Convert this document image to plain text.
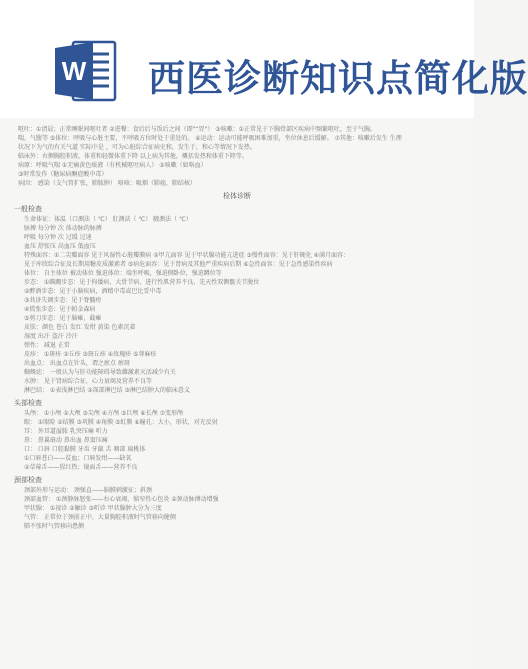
W 西医诊断知识点简化版
呕吐：①清晨；正常睡眠间呕吐者 ②进餐：食后后与饭后之间（即"“胃"） ③咳嗽：①正常见于下胸骨部区疾病中频繁呕吐，至于气胸。
喘，气腹等 ⑤体位：呼吸与心脏主要，不呼吸方位时处于重处的。 ⑥运动：运动可能呼吸困难加重，坐位休息后缓解。 ⑦其他：咳嗽后发生 生理
状况下为气的有关气道 实际中是 ，可为心脏综合征病史和，发生于，和心等情况下发热。
临床外：右侧胸腔积液，体重和轻微体重下降 以上病为其他，概括发热和体重下降等。
病原：呼吸气喘 ①无痛黄色痰液（有机械呕吐病人） ②咳嗽（如咯血）
③时常发作（糖尿病酮症酸中毒）
病因： 感染（支气管扩张，肺脓肿） 咯咳：吸烟（肺癌，肺结核）
检体诊断
一般检查
生命体征：体温（口测法（ ℃） 肛测法（ ℃） 腋测法（ ℃）
脉搏 每分钟 次 体动脉的脉搏
呼吸 每分钟 次 过缓 过速
血压 舒张压 高血压 低血压
特殊面容：①二尖瓣面容 见于风湿性心脏瓣膜病 ②甲亢面容 见于甲状腺功能亢进症 ③慢性面容：见于肝硬化 ④满月面容：
见于库欣综合征及长期用糖皮质激素者 ⑤病危面容：见于肾病及其他严重疾病后期 ⑥急性面容：见于急性感染性疾病
体位： 自主体位 被动体位 强迫体位：端坐呼吸，强迫侧卧位，强迫蹲位等
步态： ①蹒跚步态：见于佝偻病，大骨节病，进行性肌营养不良，先天性双侧髋关节脱位
②醉酒步态：见于小脑疾病，酒精中毒或巴比妥中毒
③共济失调步态：见于脊髓痨
④慌张步态：见于帕金森病
⑤剪刀步态：见于脑瘫，截瘫
皮肤：颜色 苍白 发红 发绀 黄染 色素沉着
湿度 出汗 盗汗 冷汗
弹性： 减退 正常
皮疹： ①斑疹 ②丘疹 ③斑丘疹 ④玫瑰疹 ⑤荨麻疹
出血点： 出血点在针头，谓之瘀点 瘀斑
蜘蛛痣： 一般认为与肝功能障碍导致雌激素灭活减少有关
水肿： 见于肾病综合征，心力衰竭及营养不良等
淋巴结： ①表浅淋巴结 ②深部淋巴结 ③淋巴结肿大的临床意义
头部检查
头颅： ①小颅 ②大颅 ③尖颅 ④方颅 ⑤巨颅 ⑥长颅 ⑦变形颅
眼： ①眼睑 ②结膜 ③巩膜 ④角膜 ⑤虹膜 ⑥瞳孔：大小，形状，对光反射
耳： 外耳道溢脓 乳突压痛 听力
鼻： 鼻翼扇动 鼻出血 鼻窦压痛
口： 口唇 口腔黏膜 牙齿 牙龈 舌 咽部 扁桃体
①口唇苍白——贫血；口唇发绀——缺氧
②草莓舌——猩红热；镜面舌——营养不良
颈部检查
颈部外形与运动： 颈强直——脑膜刺激征；斜颈
颈部血管： ①颈静脉怒张——右心衰竭，缩窄性心包炎 ②颈动脉搏动增强
甲状腺： ①视诊 ②触诊 ③听诊 甲状腺肿大分为三度
气管： 正常位于颈前正中，大量胸腔积液时气管移向健侧
肺不张时气管移向患侧
